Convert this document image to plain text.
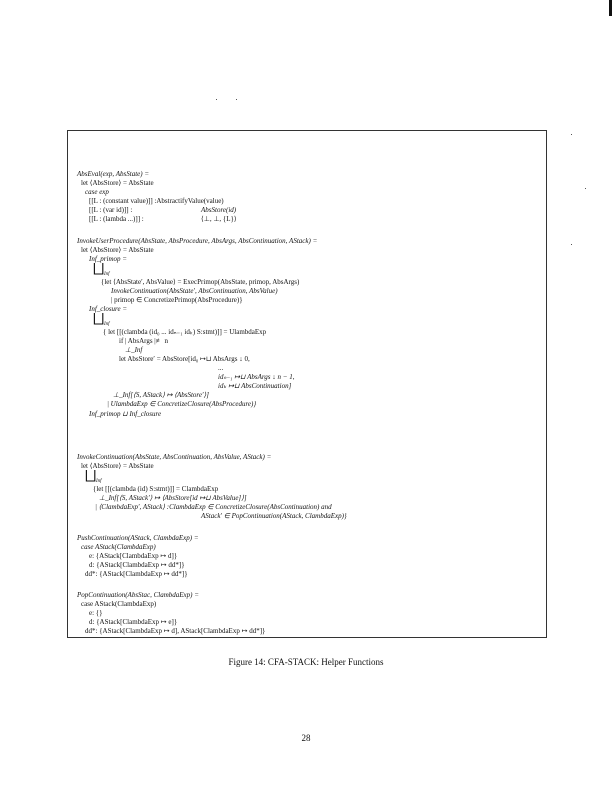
AbsEval(exp, AbsState) =
let ⟨AbsStore⟩ = AbsState
case exp
[[L : (constant value)]] :AbstractifyValue(value)
[[L : (var id)]] :	AbsStore(id)
[[L : (lambda ...)]] :	⟨⊥, ⊥, {L}⟩
InvokeUserProcedure(AbsState, AbsProcedure, AbsArgs, AbsContinuation, AStack) =
let ⟨AbsStore⟩ = AbsState
Inf_primop =
⨆ Inf
{let ⟨AbsState′, AbsValue⟩ = ExecPrimop(AbsState, primop, AbsArgs)
InvokeContinuation(AbsState′, AbsContinuation, AbsValue)
| primop ∈ ConcretizePrimop(AbsProcedure)}
Inf_closure =
⨆ Inf
{ let [[(clambda (id₀ ... idₙ₋₁ idₖ) S:stmt)]] = UlambdaExp
if | AbsArgs |≢ n
⊥_Inf
let AbsStore′ = AbsStore[id₀ ↦⊔ AbsArgs ↓ 0,
...
idₙ₋₁ ↦⊔ AbsArgs ↓ n − 1,
idₖ ↦⊔ AbsContinuation]
⊥_Inf[⟨S, AStack⟩ ↦ ⟨AbsStore′⟩]
| UlambdaExp ∈ ConcretizeClosure(AbsProcedure)}
Inf_primop ⊔ Inf_closure
InvokeContinuation(AbsState, AbsContinuation, AbsValue, AStack) =
let ⟨AbsStore⟩ = AbsState
⨆ Inf
{let [[(clambda (id) S:stmt)]] = ClambdaExp
⊥_Inf[⟨S, AStack′⟩ ↦ ⟨AbsStore[id ↦⊔ AbsValue]⟩]
| ⟨ClambdaExp′, AStack⟩ :ClambdaExp ∈ ConcretizeClosure(AbsContinuation) and
AStack′ ∈ PopContinuation(AStack, ClambdaExp)}
PushContinuation(AStack, ClambdaExp) =
case AStack(ClambdaExp)
e: {AStack[ClambdaExp ↦ d]}
d: {AStack[ClambdaExp ↦ dd*]}
dd*: {AStack[ClambdaExp ↦ dd*]}
PopContinuation(AbsStac, ClambdaExp) =
case AStack(ClambdaExp)
e: {}
d: {AStack[ClambdaExp ↦ e]}
dd*: {AStack[ClambdaExp ↦ d], AStack[ClambdaExp ↦ dd*]}
Figure 14: CFA-STACK: Helper Functions
28
